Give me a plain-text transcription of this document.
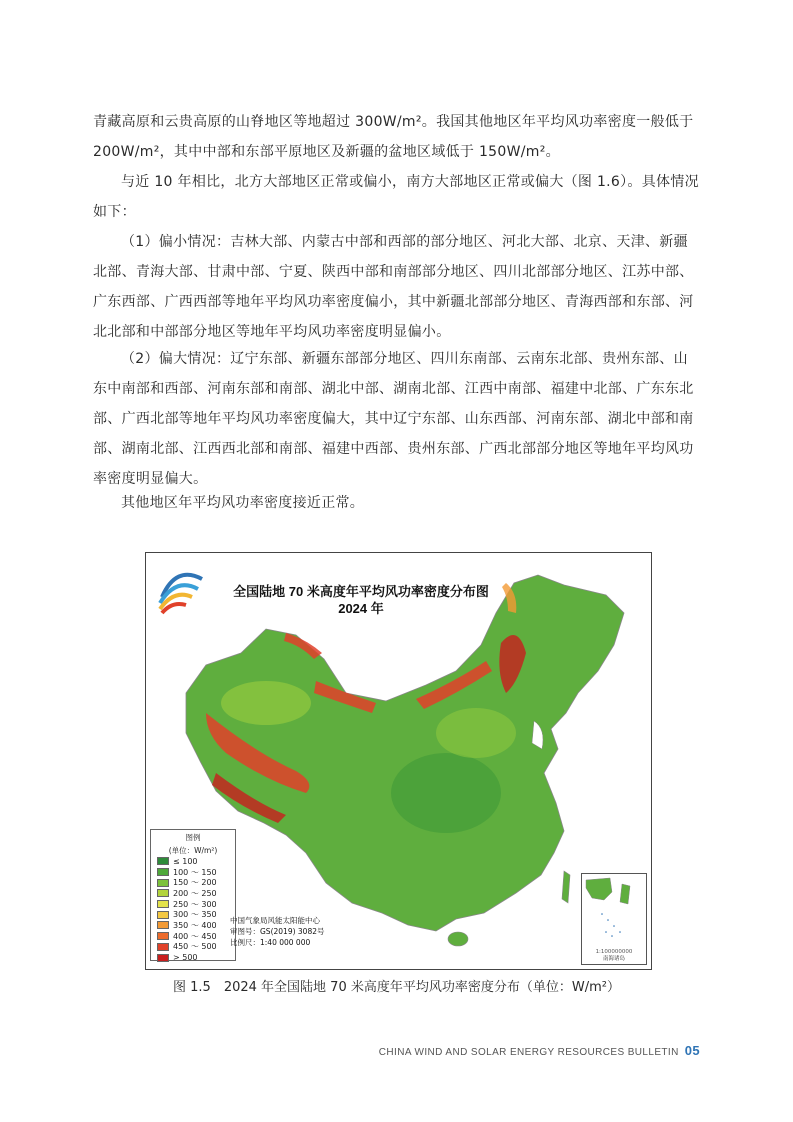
青藏高原和云贵高原的山脊地区等地超过 300W/m²。我国其他地区年平均风功率密度一般低于 200W/m²，其中中部和东部平原地区及新疆的盆地区域低于 150W/m²。

与近 10 年相比，北方大部地区正常或偏小，南方大部地区正常或偏大（图 1.6）。具体情况如下：

（1）偏小情况：吉林大部、内蒙古中部和西部的部分地区、河北大部、北京、天津、新疆北部、青海大部、甘肃中部、宁夏、陕西中部和南部部分地区、四川北部部分地区、江苏中部、广东西部、广西西部等地年平均风功率密度偏小，其中新疆北部部分地区、青海西部和东部、河北北部和中部部分地区等地年平均风功率密度明显偏小。

（2）偏大情况：辽宁东部、新疆东部部分地区、四川东南部、云南东北部、贵州东部、山东中南部和西部、河南东部和南部、湖北中部、湖南北部、江西中南部、福建中北部、广东东北部、广西北部等地年平均风功率密度偏大，其中辽宁东部、山东西部、河南东部、湖北中部和南部、湖南北部、江西西北部和南部、福建中西部、贵州东部、广西北部部分地区等地年平均风功率密度明显偏大。

其他地区年平均风功率密度接近正常。

全国陆地 70 米高度年平均风功率密度分布图
2024 年
图例
(单位：W/m²)
≤ 100
100 ～ 150
150 ～ 200
200 ～ 250
250 ～ 300
300 ～ 350
350 ～ 400
400 ～ 450
450 ～ 500
> 500
中国气象局风能太阳能中心
审图号：GS(2019) 3082号
比例尺：1:40 000 000
1:100000000
南海诸岛
图 1.5　2024 年全国陆地 70 米高度年平均风功率密度分布（单位：W/m²）
CHINA WIND AND SOLAR ENERGY RESOURCES BULLETIN 05
